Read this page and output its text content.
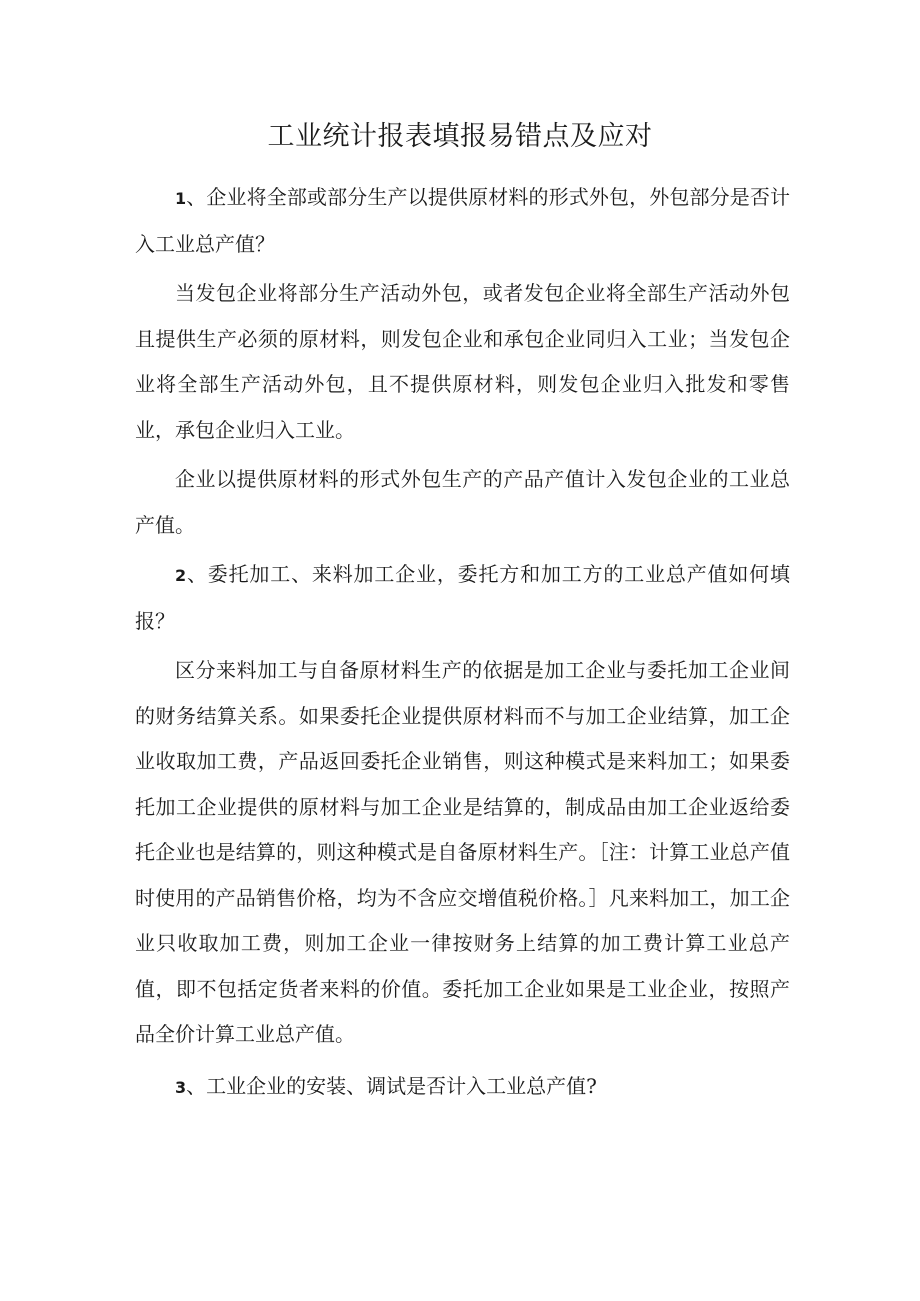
工业统计报表填报易错点及应对

1、企业将全部或部分生产以提供原材料的形式外包，外包部分是否计入工业总产值？

当发包企业将部分生产活动外包，或者发包企业将全部生产活动外包且提供生产必须的原材料，则发包企业和承包企业同归入工业；当发包企业将全部生产活动外包，且不提供原材料，则发包企业归入批发和零售业，承包企业归入工业。

企业以提供原材料的形式外包生产的产品产值计入发包企业的工业总产值。

2、委托加工、来料加工企业，委托方和加工方的工业总产值如何填报？

区分来料加工与自备原材料生产的依据是加工企业与委托加工企业间的财务结算关系。如果委托企业提供原材料而不与加工企业结算，加工企业收取加工费，产品返回委托企业销售，则这种模式是来料加工；如果委托加工企业提供的原材料与加工企业是结算的，制成品由加工企业返给委托企业也是结算的，则这种模式是自备原材料生产。［注：计算工业总产值时使用的产品销售价格，均为不含应交增值税价格。］凡来料加工，加工企业只收取加工费，则加工企业一律按财务上结算的加工费计算工业总产值，即不包括定货者来料的价值。委托加工企业如果是工业企业，按照产品全价计算工业总产值。

3、工业企业的安装、调试是否计入工业总产值?
